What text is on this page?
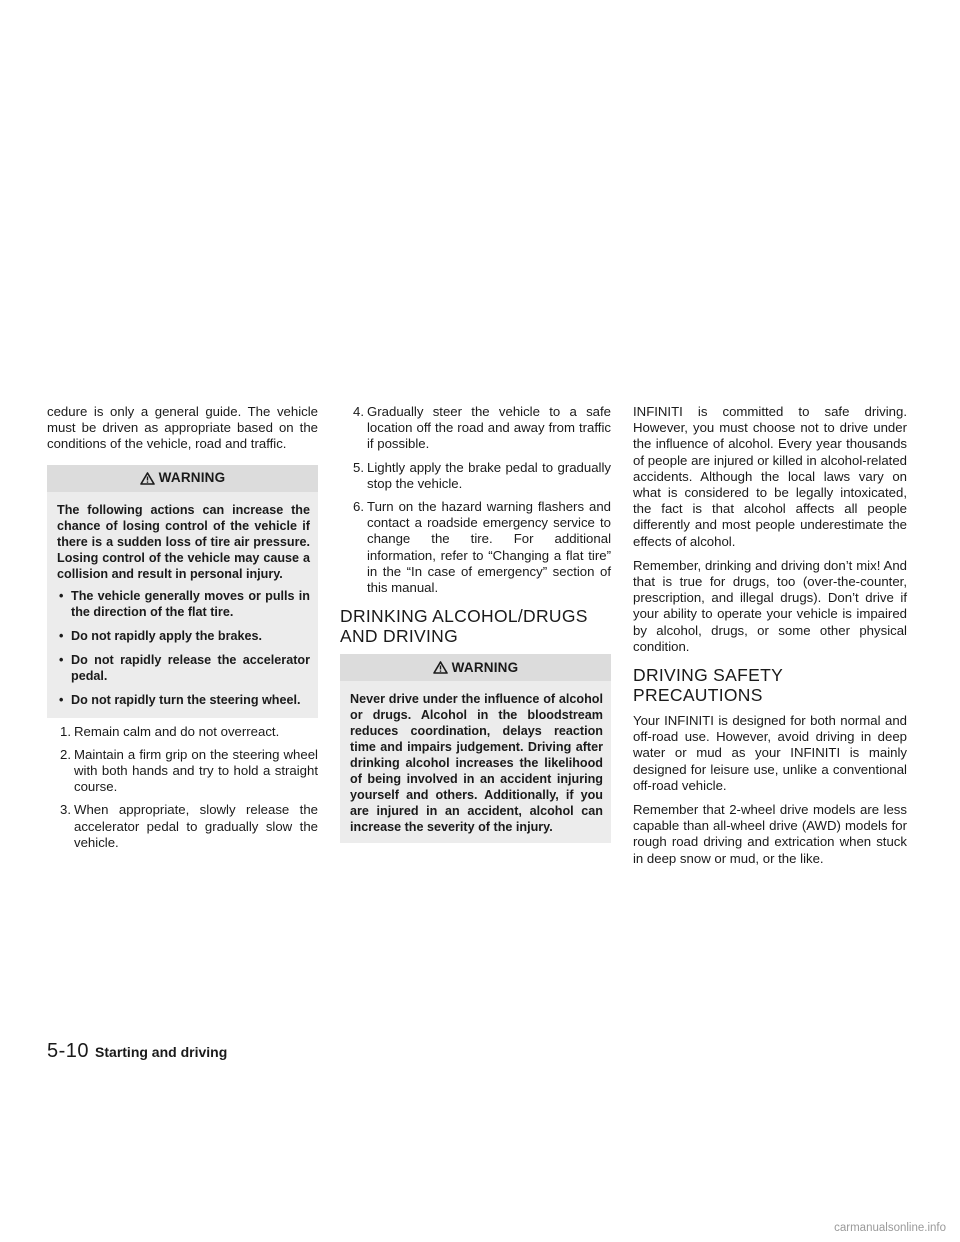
cedure is only a general guide. The vehicle must be driven as appropriate based on the conditions of the vehicle, road and traffic.

WARNING

The following actions can increase the chance of losing control of the vehicle if there is a sudden loss of tire air pressure. Losing control of the vehicle may cause a collision and result in personal injury.

• The vehicle generally moves or pulls in the direction of the flat tire.
• Do not rapidly apply the brakes.
• Do not rapidly release the accelerator pedal.
• Do not rapidly turn the steering wheel.
1. Remain calm and do not overreact.
2. Maintain a firm grip on the steering wheel with both hands and try to hold a straight course.
3. When appropriate, slowly release the accelerator pedal to gradually slow the vehicle.
4. Gradually steer the vehicle to a safe location off the road and away from traffic if possible.
5. Lightly apply the brake pedal to gradually stop the vehicle.
6. Turn on the hazard warning flashers and contact a roadside emergency service to change the tire. For additional information, refer to “Changing a flat tire” in the “In case of emergency” section of this manual.
DRINKING ALCOHOL/DRUGS
AND DRIVING
WARNING

Never drive under the influence of alcohol or drugs. Alcohol in the bloodstream reduces coordination, delays reaction time and impairs judgement. Driving after drinking alcohol increases the likelihood of being involved in an accident injuring yourself and others. Additionally, if you are injured in an accident, alcohol can increase the severity of the injury.

INFINITI is committed to safe driving. However, you must choose not to drive under the influence of alcohol. Every year thousands of people are injured or killed in alcohol-related accidents. Although the local laws vary on what is considered to be legally intoxicated, the fact is that alcohol affects all people differently and most people underestimate the effects of alcohol.

Remember, drinking and driving don’t mix! And that is true for drugs, too (over-the-counter, prescription, and illegal drugs). Don’t drive if your ability to operate your vehicle is impaired by alcohol, drugs, or some other physical condition.

DRIVING SAFETY PRECAUTIONS

Your INFINITI is designed for both normal and off-road use. However, avoid driving in deep water or mud as your INFINITI is mainly designed for leisure use, unlike a conventional off-road vehicle.

Remember that 2-wheel drive models are less capable than all-wheel drive (AWD) models for rough road driving and extrication when stuck in deep snow or mud, or the like.

5-10 Starting and driving
carmanualsonline.info
